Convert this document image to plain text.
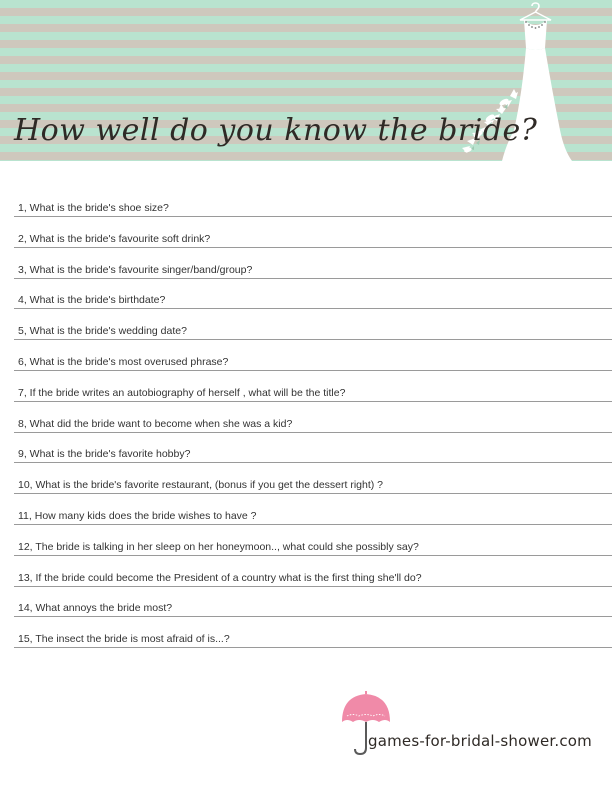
How well do you know the bride?
1, What is the bride's shoe size?
2, What is the bride's favourite soft drink?
3, What is the bride's favourite singer/band/group?
4, What is the bride's birthdate?
5, What is the bride's wedding date?
6, What is the bride's most overused phrase?
7, If the bride writes an autobiography of herself , what will be the title?
8, What did the bride want to become when she was a kid?
9, What is the bride's favorite hobby?
10, What is the bride's favorite restaurant, (bonus if you get the dessert right) ?
11, How many kids does the bride wishes to have ?
12, The bride is talking in her sleep on her honeymoon.., what could she possibly say?
13, If the bride could become the President of a country what is the first thing she'll do?
14, What annoys the bride most?
15, The insect the bride is most afraid of is...?
games-for-bridal-shower.com
